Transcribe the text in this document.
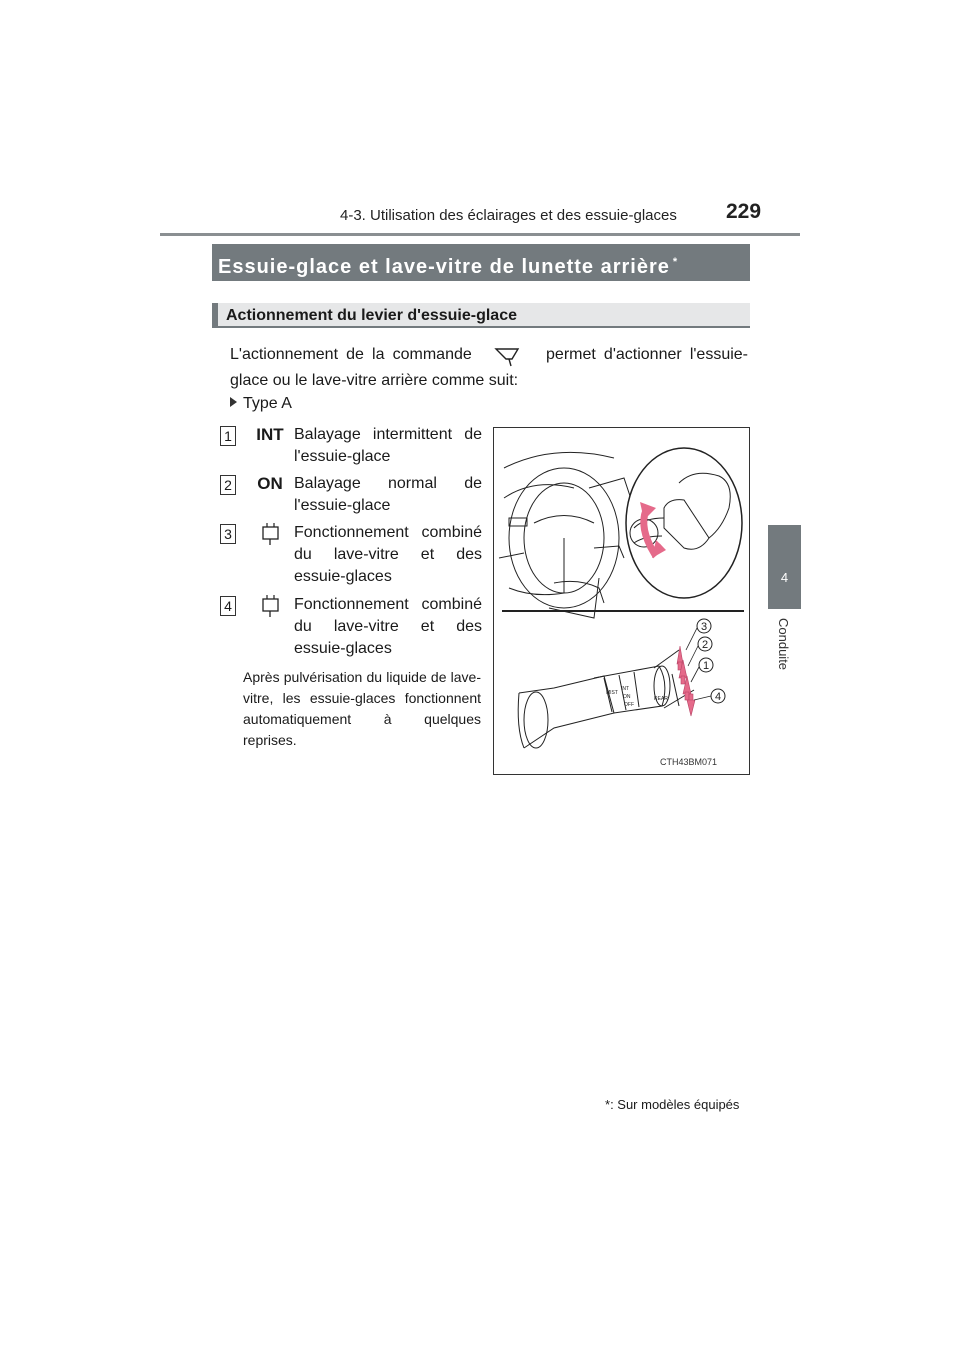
4-3. Utilisation des éclairages et des essuie-glaces 229
4
Conduite
Essuie-glace et lave-vitre de lunette arrière *
Actionnement du levier d'essuie-glace
L'actionnement de la commande	permet d'actionner l'essuie-glace ou le lave-vitre arrière comme suit:
Type A
1	INT Balayage intermittent de l'essuie-glace
2	ON Balayage normal de l'essuie-glace
3	Fonctionnement combiné du lave-vitre et des essuie-glaces
4	Fonctionnement combiné du lave-vitre et des essuie-glaces
Après pulvérisation du liquide de lave-vitre, les essuie-glaces fonctionnent automatiquement à quelques reprises.
INT
ON
OFF
REAR
MIST
3
2
1
4
CTH43BM071
*: Sur modèles équipés
